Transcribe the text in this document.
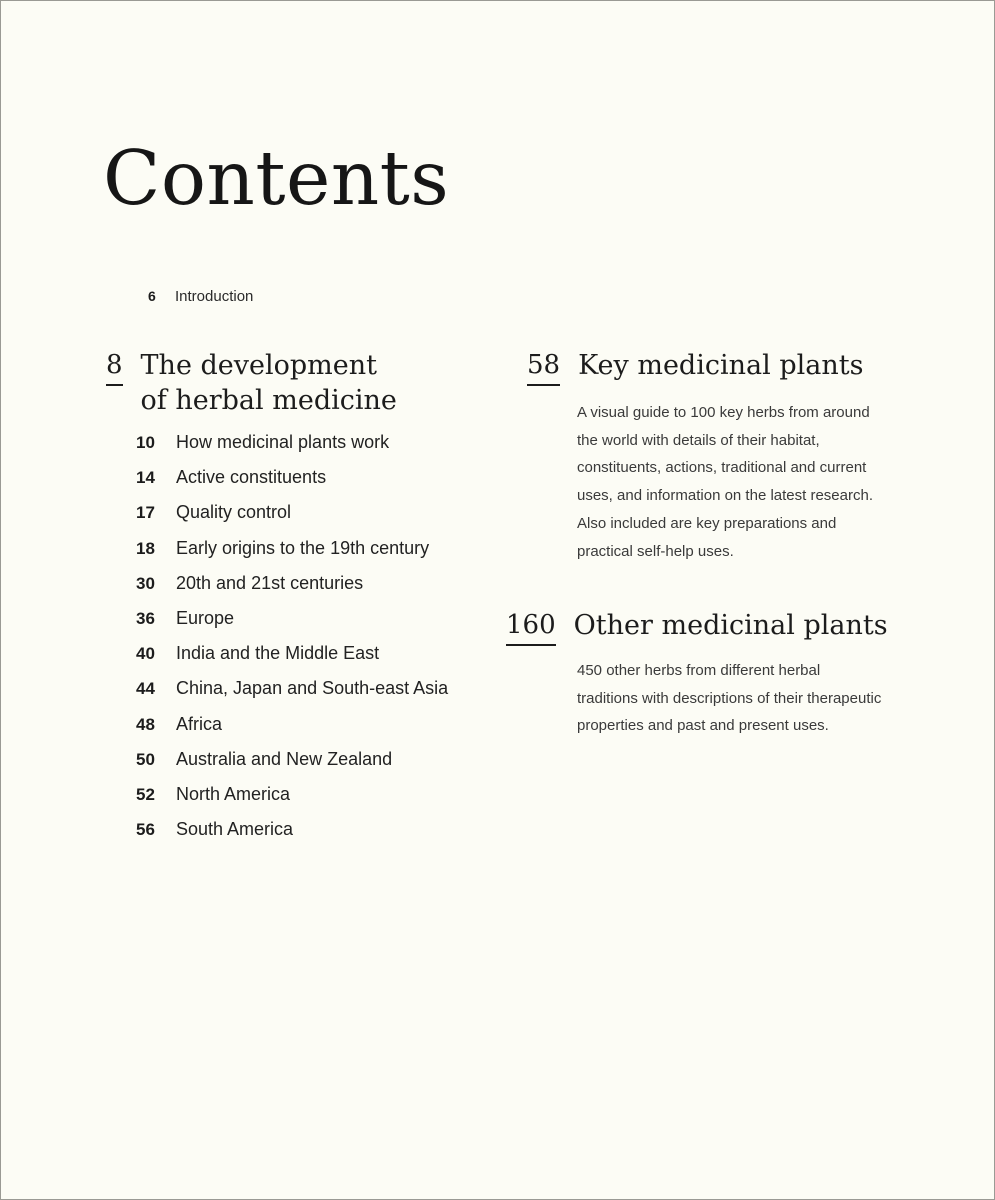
Contents
6	Introduction
8 The development
of herbal medicine
10	How medicinal plants work
14	Active constituents
17	Quality control
18	Early origins to the 19th century
30	20th and 21st centuries
36	Europe
40	India and the Middle East
44	China, Japan and South-east Asia
48	Africa
50	Australia and New Zealand
52	North America
56	South America
58 Key medicinal plants

A visual guide to 100 key herbs from around
the world with details of their habitat,
constituents, actions, traditional and current
uses, and information on the latest research.
Also included are key preparations and
practical self-help uses.

160 Other medicinal plants

450 other herbs from different herbal
traditions with descriptions of their therapeutic
properties and past and present uses.
